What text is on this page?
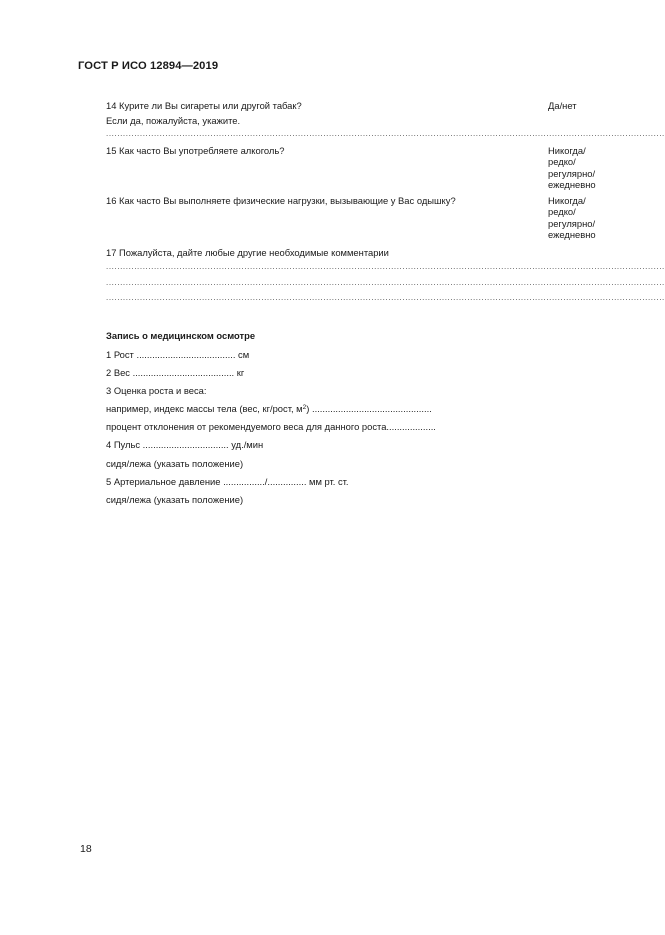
ГОСТ Р ИСО 12894—2019
14 Курите ли Вы сигареты или другой табак?	Да/нет
Если да, пожалуйста, укажите.
......................................................................................................................................................................................................
15 Как часто Вы употребляете алкоголь?	Никогда/
редко/
регулярно/
ежедневно
16 Как часто Вы выполняете физические нагрузки, вызывающие у Вас одышку?	Никогда/
редко/
регулярно/
ежедневно
17 Пожалуйста, дайте любые другие необходимые комментарии
......................................................................................................................................................................................................
......................................................................................................................................................................................................
......................................................................................................................................................................................................
Запись о медицинском осмотре
1 Рост ...................................... см
2 Вес ....................................... кг
3 Оценка роста и веса:
например, индекс массы тела (вес, кг/рост, $м^2$) ..............................................
процент отклонения от рекомендуемого веса для данного роста...................
4 Пульс ................................. уд./мин
сидя/лежа (указать положение)
5 Артериальное давление ................/............... мм рт. ст.
сидя/лежа (указать положение)
18
